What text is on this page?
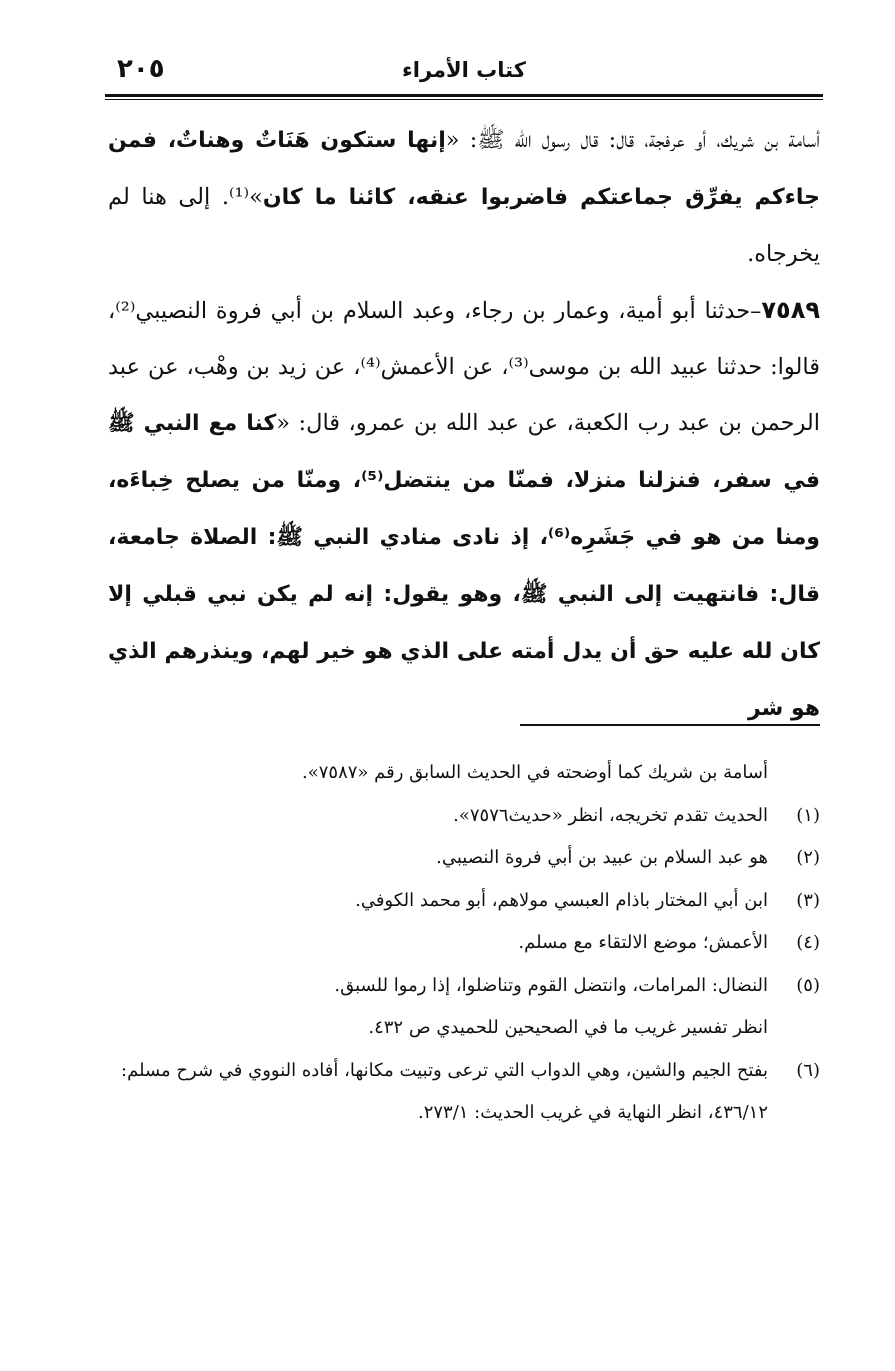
كتاب الأمراء
٢٠٥

أسامة بن شريك، أو عرفجة، قال: قال رسول الله ﷺ: «إنها ستكون هَنَاتٌ وهناتٌ، فمن جاءكم يفرِّق جماعتكم فاضربوا عنقه، كائنا ما كان»⁽¹⁾. إلى هنا لم يخرجاه.

٧٥٨٩–حدثنا أبو أمية، وعمار بن رجاء، وعبد السلام بن أبي فروة النصيبي⁽²⁾، قالوا: حدثنا عبيد الله بن موسى⁽³⁾، عن الأعمش⁽⁴⁾، عن زيد بن وهْب، عن عبد الرحمن بن عبد رب الكعبة، عن عبد الله بن عمرو، قال: «كنا مع النبي ﷺ في سفر، فنزلنا منزلا، فمنّا من ينتضل⁽⁵⁾، ومنّا من يصلح خِباءَه، ومنا من هو في جَشَرِه⁽⁶⁾، إذ نادى منادي النبي ﷺ: الصلاة جامعة، قال: فانتهيت إلى النبي ﷺ، وهو يقول: إنه لم يكن نبي قبلي إلا كان لله عليه حق أن يدل أمته على الذي هو خير لهم، وينذرهم الذي هو شر

أسامة بن شريك كما أوضحته في الحديث السابق رقم «٧٥٨٧».

(١)
الحديث تقدم تخريجه، انظر «حديث٧٥٧٦».

(٢)
هو عبد السلام بن عبيد بن أبي فروة النصيبي.

(٣)
ابن أبي المختار باذام العبسي مولاهم، أبو محمد الكوفي.

(٤)
الأعمش؛ موضع الالتقاء مع مسلم.

(٥)
النضال: المرامات، وانتضل القوم وتناضلوا، إذا رموا للسبق.
انظر تفسير غريب ما في الصحيحين للحميدي ص ٤٣٢.

(٦)
بفتح الجيم والشين، وهي الدواب التي ترعى وتبيت مكانها، أفاده النووي في شرح مسلم: ٤٣٦/١٢، انظر النهاية في غريب الحديث: ٢٧٣/١.
